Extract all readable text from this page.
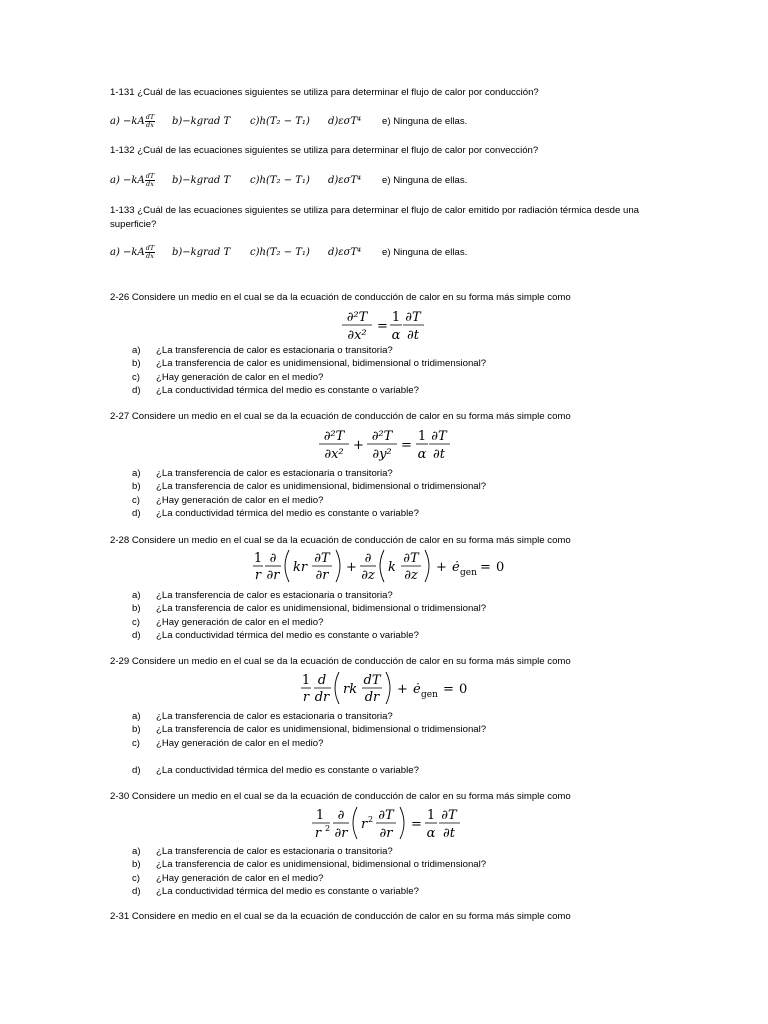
1-131 ¿Cuál de las ecuaciones siguientes se utiliza para determinar el flujo de calor por conducción?
$a) -kA \frac{dT}{dx}$ b)−kgrad T c)h(T₂ − T₁) d)εσT⁴ e) Ninguna de ellas.
1-132 ¿Cuál de las ecuaciones siguientes se utiliza para determinar el flujo de calor por convección?
$a) -kA \frac{dT}{dx}$ b)−kgrad T c)h(T₂ − T₁) d)εσT⁴ e) Ninguna de ellas.
1-133 ¿Cuál de las ecuaciones siguientes se utiliza para determinar el flujo de calor emitido por radiación térmica desde una superficie?
$a) -kA \frac{dT}{dx}$ b)−kgrad T c)h(T₂ − T₁) d)εσT⁴ e) Ninguna de ellas.
2-26 Considere un medio en el cual se da la ecuación de conducción de calor en su forma más simple como
∂²T
∂x²
=
1
α
∂T
∂t
a) ¿La transferencia de calor es estacionaria o transitoria?
b) ¿La transferencia de calor es unidimensional, bidimensional o tridimensional?
c) ¿Hay generación de calor en el medio?
d) ¿La conductividad térmica del medio es constante o variable?
2-27 Considere un medio en el cual se da la ecuación de conducción de calor en su forma más simple como
∂²T
∂x²
+
∂²T
∂y²
=
1
α
∂T
∂t
a) ¿La transferencia de calor es estacionaria o transitoria?
b) ¿La transferencia de calor es unidimensional, bidimensional o tridimensional?
c) ¿Hay generación de calor en el medio?
d) ¿La conductividad térmica del medio es constante o variable?
2-28 Considere un medio en el cual se da la ecuación de conducción de calor en su forma más simple como
1
r
∂
∂r
kr
∂T
∂r
+
∂
∂z
k
∂T
∂z
+ ė gen = 0
a) ¿La transferencia de calor es estacionaria o transitoria?
b) ¿La transferencia de calor es unidimensional, bidimensional o tridimensional?
c) ¿Hay generación de calor en el medio?
d) ¿La conductividad térmica del medio es constante o variable?
2-29 Considere un medio en el cual se da la ecuación de conducción de calor en su forma más simple como
1
r
d
dr
rk
dT
dr
+ ė gen = 0
a) ¿La transferencia de calor es estacionaria o transitoria?
b) ¿La transferencia de calor es unidimensional, bidimensional o tridimensional?
c) ¿Hay generación de calor en el medio?
d) ¿La conductividad térmica del medio es constante o variable?
2-30 Considere un medio en el cual se da la ecuación de conducción de calor en su forma más simple como
1
r 2
∂
∂r
r 2 ∂T
∂r
=
1
α
∂T
∂t
a) ¿La transferencia de calor es estacionaria o transitoria?
b) ¿La transferencia de calor es unidimensional, bidimensional o tridimensional?
c) ¿Hay generación de calor en el medio?
d) ¿La conductividad térmica del medio es constante o variable?
2-31 Considere en medio en el cual se da la ecuación de conducción de calor en su forma más simple como
